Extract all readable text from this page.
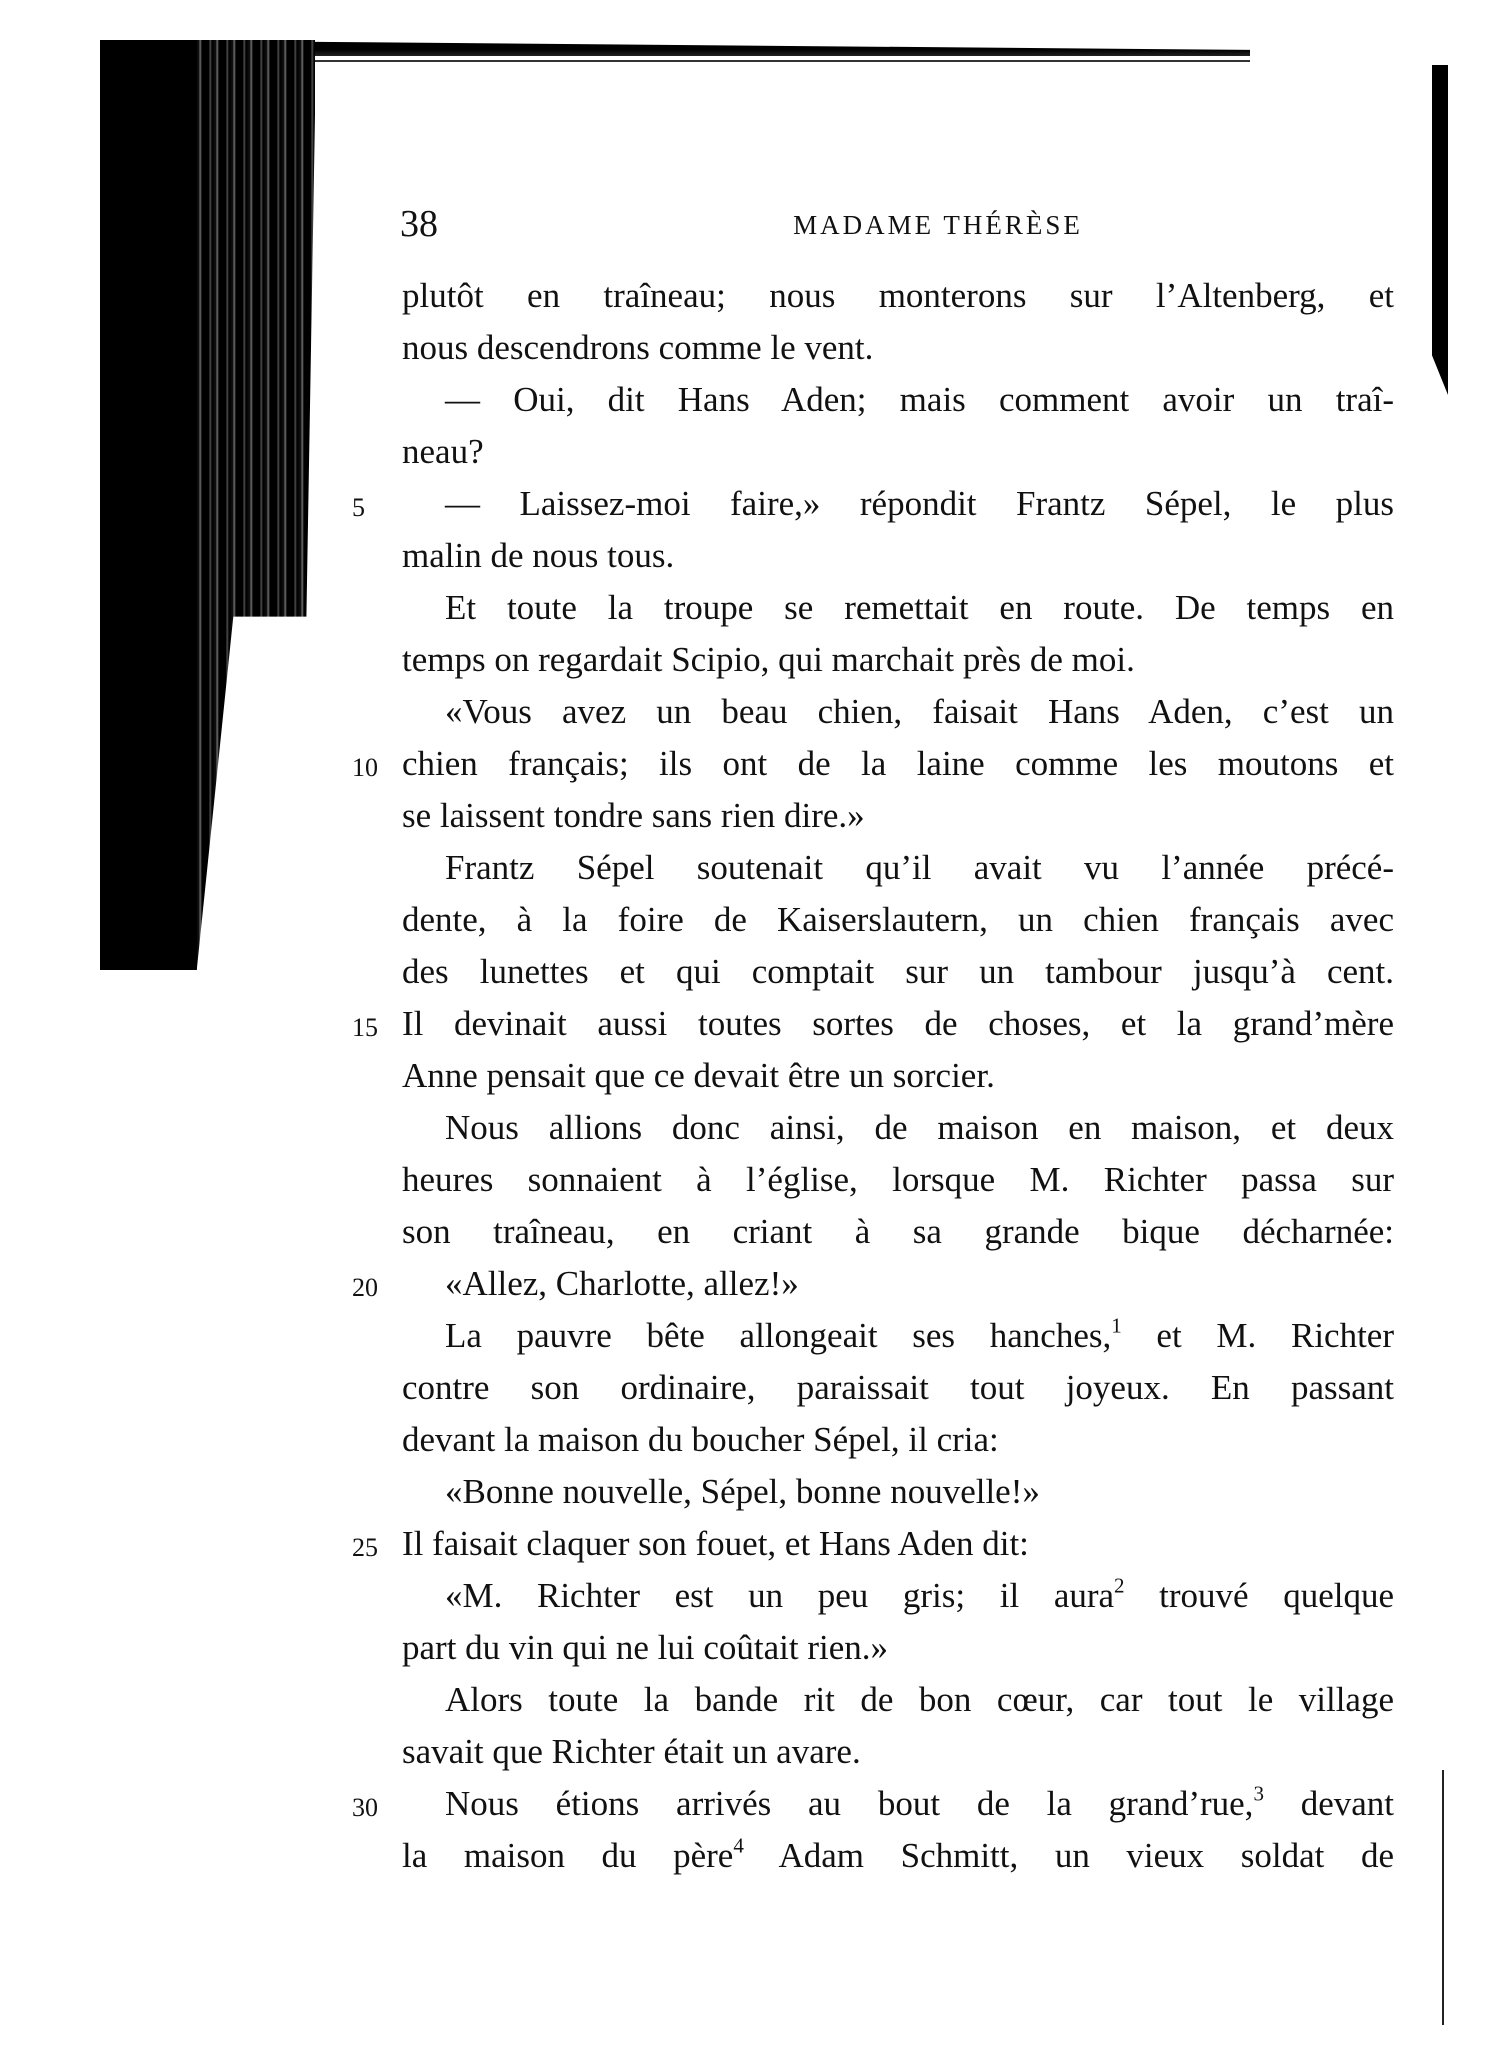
38	MADAME THÉRÈSE
plutôt en traîneau; nous monterons sur l’Altenberg, et
nous descendrons comme le vent.
— Oui, dit Hans Aden; mais comment avoir un traî-
neau?
— Laissez-moi faire,» répondit Frantz Sépel, le plus
malin de nous tous.
Et toute la troupe se remettait en route. De temps en
temps on regardait Scipio, qui marchait près de moi.
«Vous avez un beau chien, faisait Hans Aden, c’est un
chien français; ils ont de la laine comme les moutons et
se laissent tondre sans rien dire.»
Frantz Sépel soutenait qu’il avait vu l’année précé-
dente, à la foire de Kaiserslautern, un chien français avec
des lunettes et qui comptait sur un tambour jusqu’à cent.
Il devinait aussi toutes sortes de choses, et la grand’mère
Anne pensait que ce devait être un sorcier.
Nous allions donc ainsi, de maison en maison, et deux
heures sonnaient à l’église, lorsque M. Richter passa sur
son traîneau, en criant à sa grande bique décharnée:
«Allez, Charlotte, allez!»
La pauvre bête allongeait ses hanches,$^1$ et M. Richter
contre son ordinaire, paraissait tout joyeux. En passant
devant la maison du boucher Sépel, il cria:
«Bonne nouvelle, Sépel, bonne nouvelle!»
Il faisait claquer son fouet, et Hans Aden dit:
«M. Richter est un peu gris; il aura$^2$ trouvé quelque
part du vin qui ne lui coûtait rien.»
Alors toute la bande rit de bon cœur, car tout le village
savait que Richter était un avare.
Nous étions arrivés au bout de la grand’rue,$^3$ devant
la maison du père$^4$ Adam Schmitt, un vieux soldat de
5
10
15
20
25
30
